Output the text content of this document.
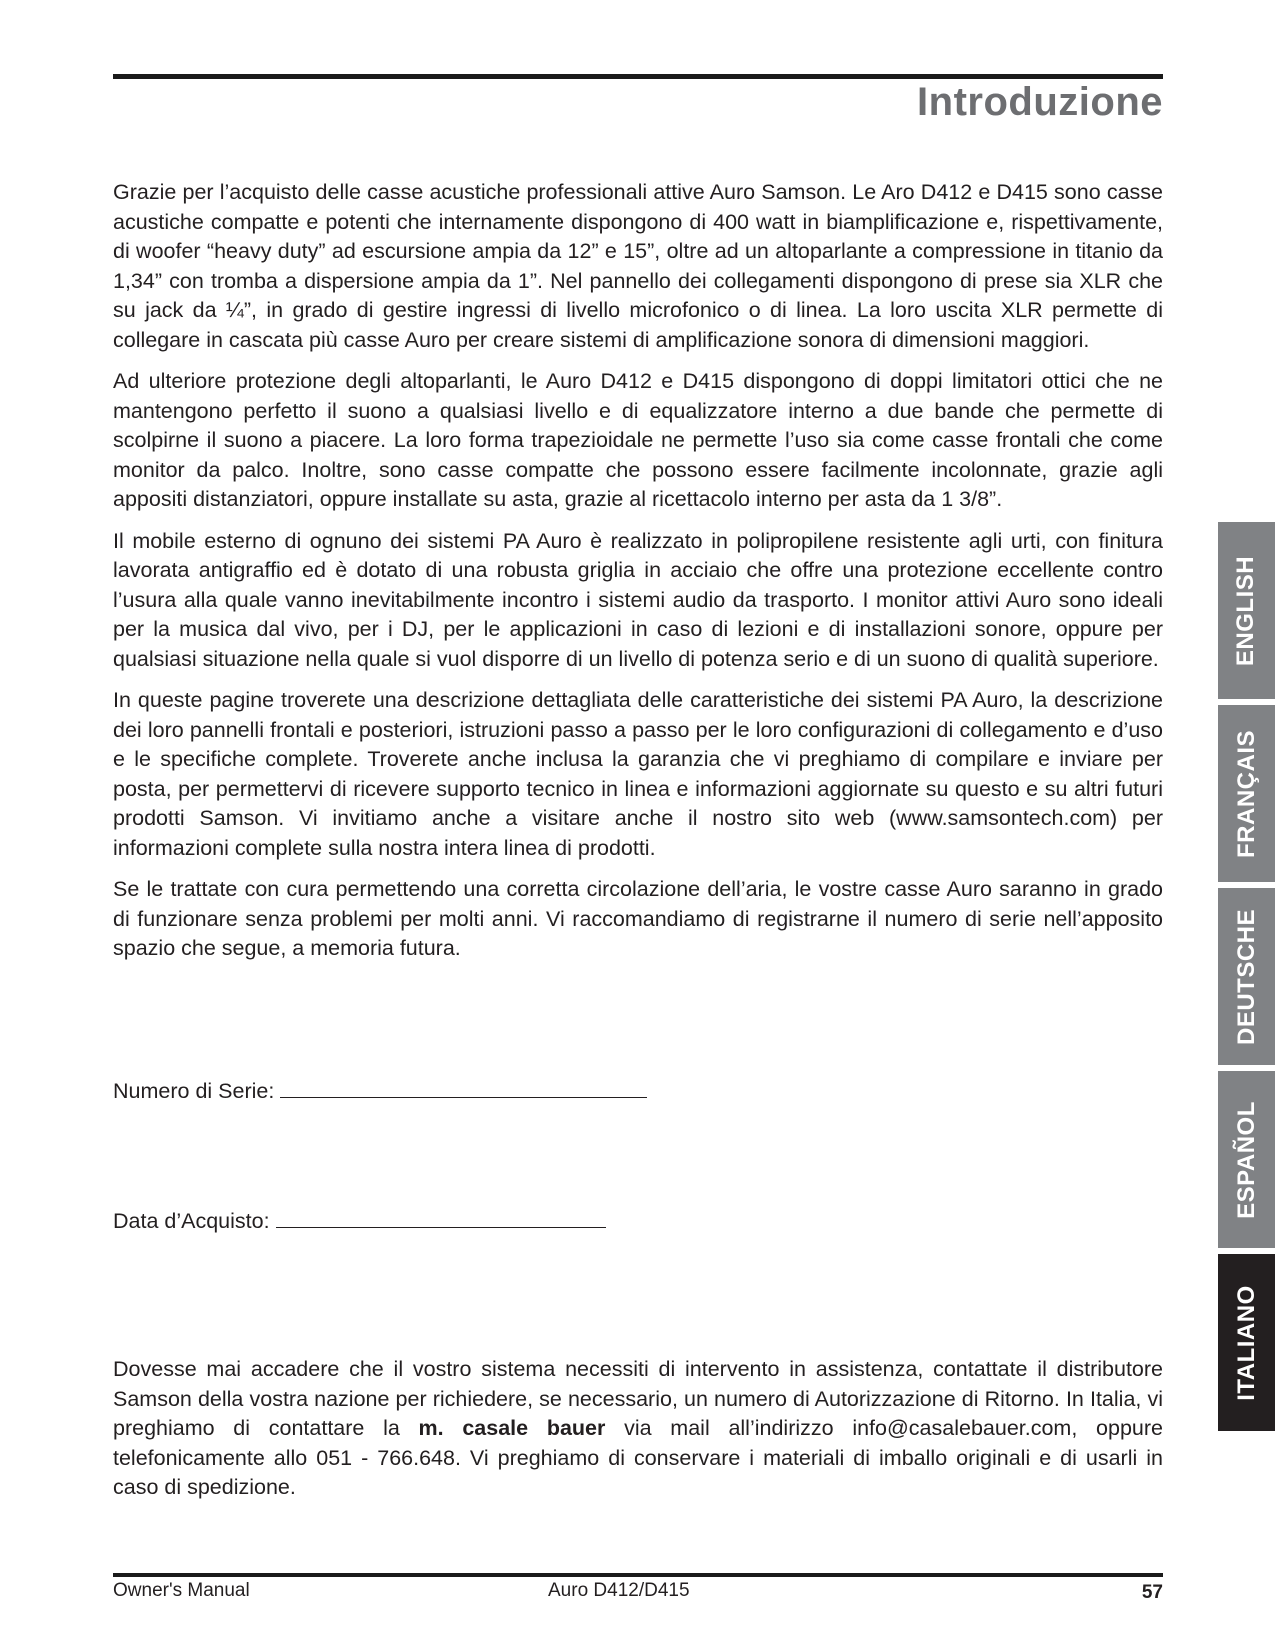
Introduzione

Grazie per l’acquisto delle casse acustiche professionali attive Auro Samson. Le Aro D412 e D415 sono casse acustiche compatte e potenti che internamente dispongono di 400 watt in biamplificazione e, rispettivamente, di woofer “heavy duty” ad escursione ampia da 12” e 15”, oltre ad un altoparlante a compressione in titanio da 1,34” con tromba a dispersione ampia da 1”. Nel pannello dei collegamenti dispongono di prese sia XLR che su jack da ¼”, in grado di gestire ingressi di livello microfonico o di linea. La loro uscita XLR permette di collegare in cascata più casse Auro per creare sistemi di amplificazione sonora di dimensioni maggiori.

Ad ulteriore protezione degli altoparlanti, le Auro D412 e D415 dispongono di doppi limitatori ottici che ne mantengono perfetto il suono a qualsiasi livello e di equalizzatore interno a due bande che permette di scolpirne il suono a piacere. La loro forma trapezioidale ne permette l’uso sia come casse frontali che come monitor da palco. Inoltre, sono casse compatte che possono essere facilmente incolonnate, grazie agli appositi distanziatori, oppure installate su asta, grazie al ricettacolo interno per asta da 1 3/8”.

Il mobile esterno di ognuno dei sistemi PA Auro è realizzato in polipropilene resistente agli urti, con finitura lavorata antigraffio ed è dotato di una robusta griglia in acciaio che offre una protezione eccellente contro l’usura alla quale vanno inevitabilmente incontro i sistemi audio da trasporto. I monitor attivi Auro sono ideali per la musica dal vivo, per i DJ, per le applicazioni in caso di lezioni e di installazioni sonore, oppure per qualsiasi situazione nella quale si vuol disporre di un livello di potenza serio e di un suono di qualità superiore.

In queste pagine troverete una descrizione dettagliata delle caratteristiche dei sistemi PA Auro, la descrizione dei loro pannelli frontali e posteriori, istruzioni passo a passo per le loro configurazioni di collegamento e d’uso e le specifiche complete. Troverete anche inclusa la garanzia che vi preghiamo di compilare e inviare per posta, per permettervi di ricevere supporto tecnico in linea e informazioni aggiornate su questo e su altri futuri prodotti Samson. Vi invitiamo anche a visitare anche il nostro sito web (www.samsontech.com) per informazioni complete sulla nostra intera linea di prodotti.

Se le trattate con cura permettendo una corretta circolazione dell’aria, le vostre casse Auro saranno in grado di funzionare senza problemi per molti anni. Vi raccomandiamo di registrarne il numero di serie nell’apposito spazio che segue, a memoria futura.

Numero di Serie:
Data d’Acquisto:

Dovesse mai accadere che il vostro sistema necessiti di intervento in assistenza, contattate il distributore Samson della vostra nazione per richiedere, se necessario, un numero di Autorizzazione di Ritorno. In Italia, vi preghiamo di contattare la m. casale bauer via mail all’indirizzo info@casalebauer.com, oppure telefonicamente allo 051 - 766.648. Vi preghiamo di conservare i materiali di imballo originali e di usarli in caso di spedizione.

Owner's Manual	Auro D412/D415	57
ENGLISH
FRANÇAIS
DEUTSCHE
ESPAÑOL
ITALIANO
